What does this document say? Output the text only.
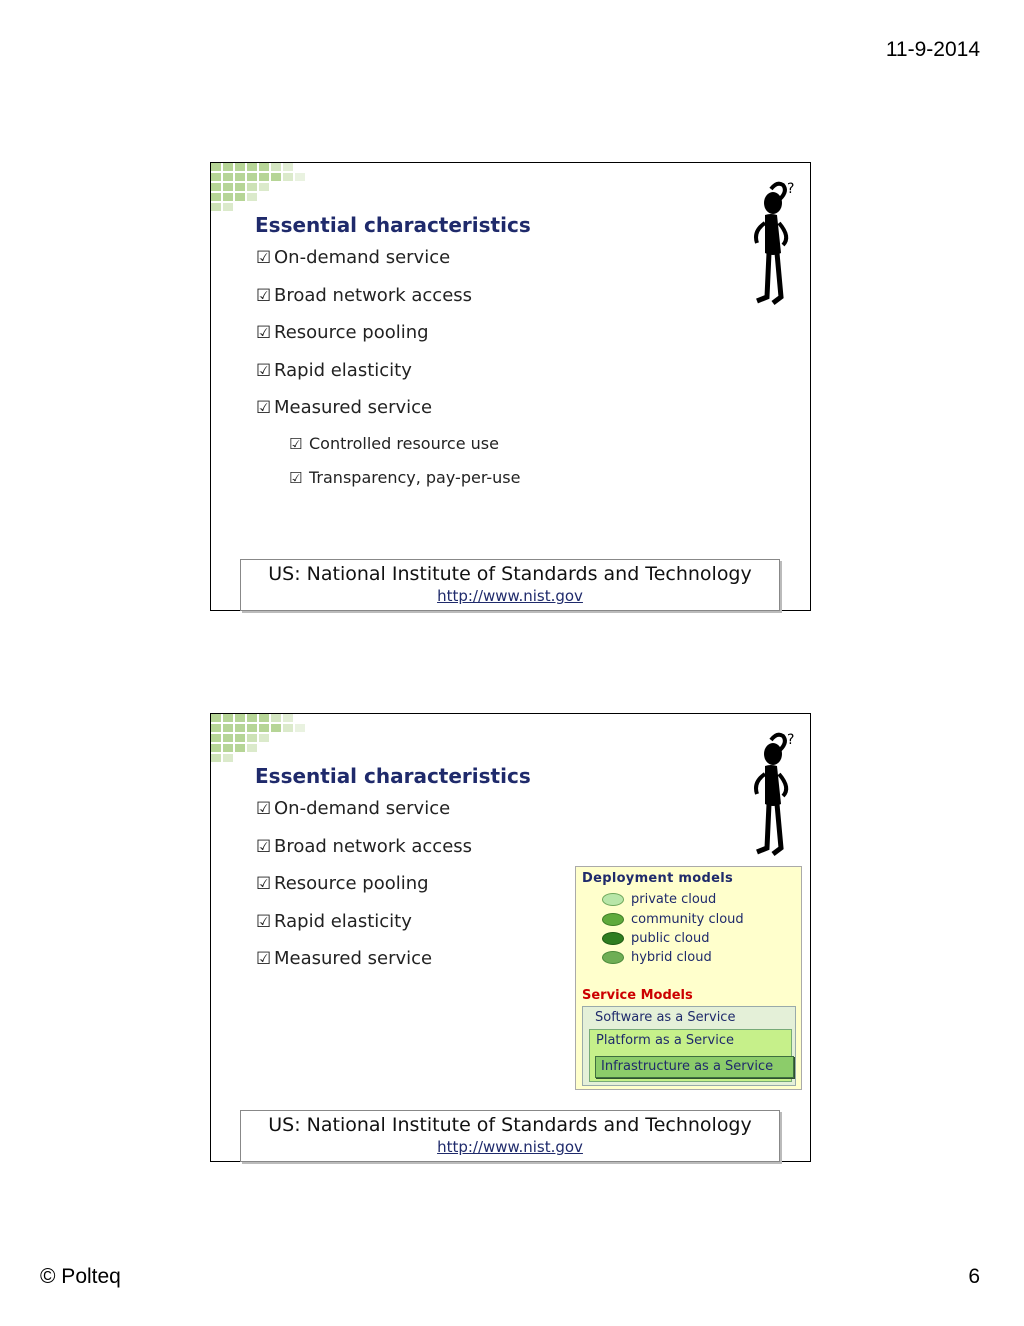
11-9-2014
Essential characteristics
☑ On-demand service
☑ Broad network access
☑ Resource pooling
☑ Rapid elasticity
☑ Measured service
☑ Controlled resource use
☑ Transparency, pay-per-use
?
US: National Institute of Standards and Technology
http://www.nist.gov
Essential characteristics
☑ On-demand service
☑ Broad network access
☑ Resource pooling
☑ Rapid elasticity
☑ Measured service
?
Deployment models
private cloud
community cloud
public cloud
hybrid cloud
Service Models
Software as a Service
Platform as a Service
Infrastructure as a Service
US: National Institute of Standards and Technology
http://www.nist.gov
© Polteq	6
